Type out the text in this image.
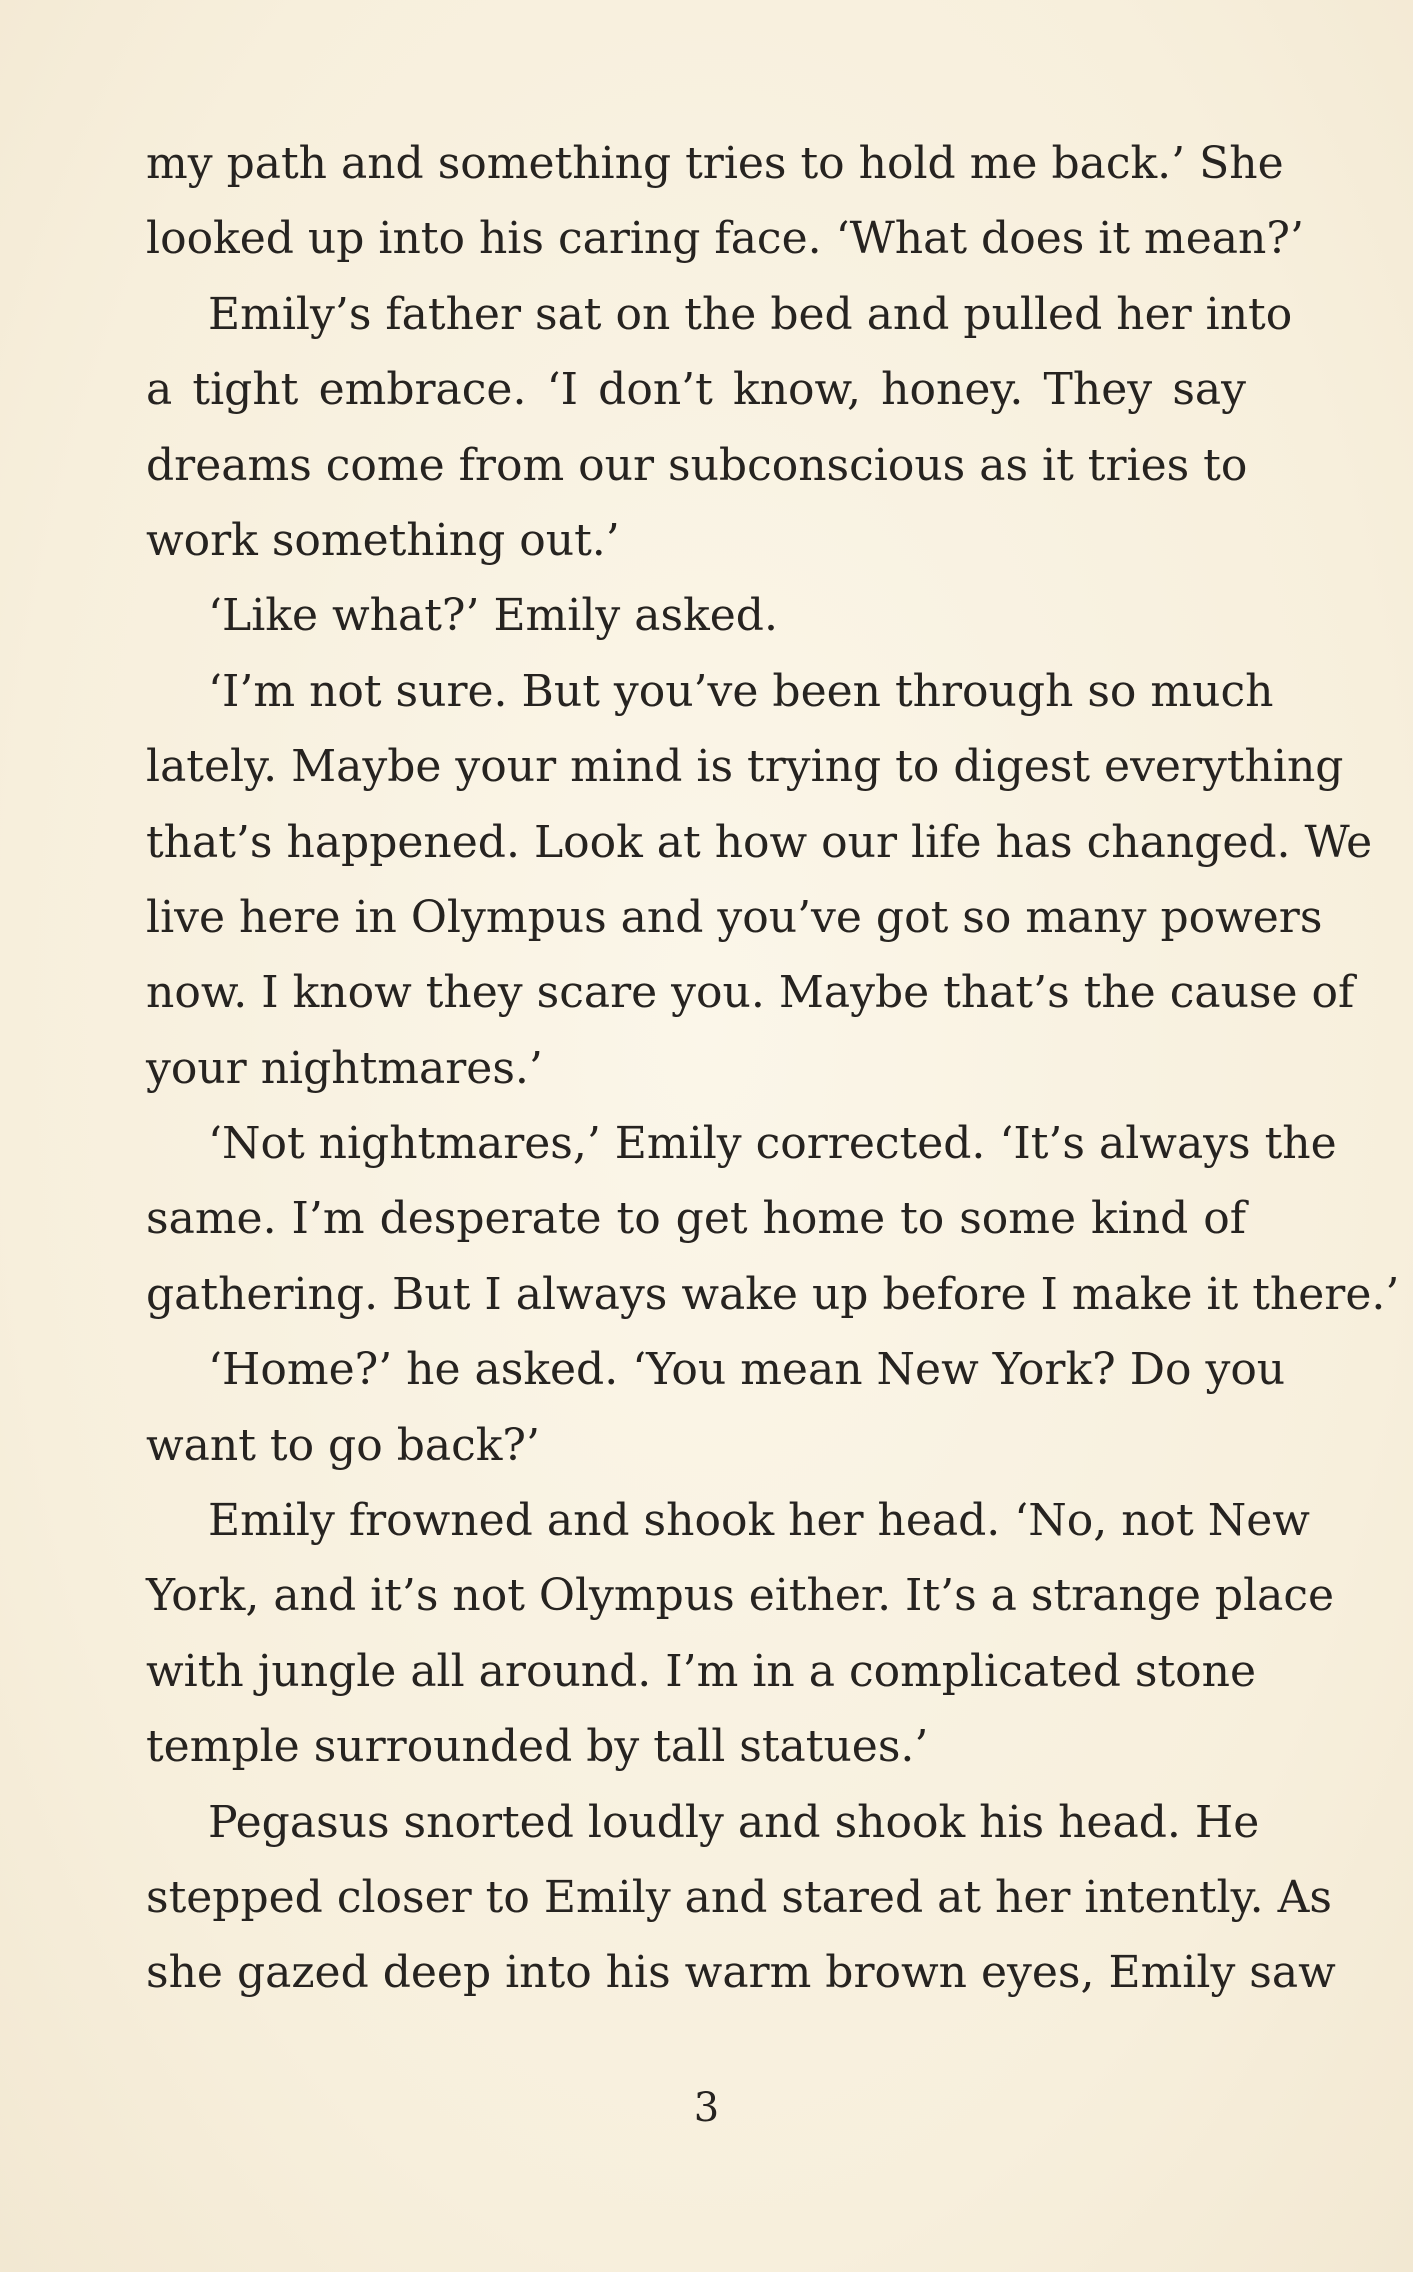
my path and something tries to hold me back.’ She
looked up into his caring face. ‘What does it mean?’
Emily’s father sat on the bed and pulled her into
a tight embrace. ‘I don’t know, honey. They say
dreams come from our subconscious as it tries to
work something out.’
‘Like what?’ Emily asked.
‘I’m not sure. But you’ve been through so much
lately. Maybe your mind is trying to digest everything
that’s happened. Look at how our life has changed. We
live here in Olympus and you’ve got so many powers
now. I know they scare you. Maybe that’s the cause of
your nightmares.’
‘Not nightmares,’ Emily corrected. ‘It’s always the
same. I’m desperate to get home to some kind of
gathering. But I always wake up before I make it there.’
‘Home?’ he asked. ‘You mean New York? Do you
want to go back?’
Emily frowned and shook her head. ‘No, not New
York, and it’s not Olympus either. It’s a strange place
with jungle all around. I’m in a complicated stone
temple surrounded by tall statues.’
Pegasus snorted loudly and shook his head. He
stepped closer to Emily and stared at her intently. As
she gazed deep into his warm brown eyes, Emily saw
3
